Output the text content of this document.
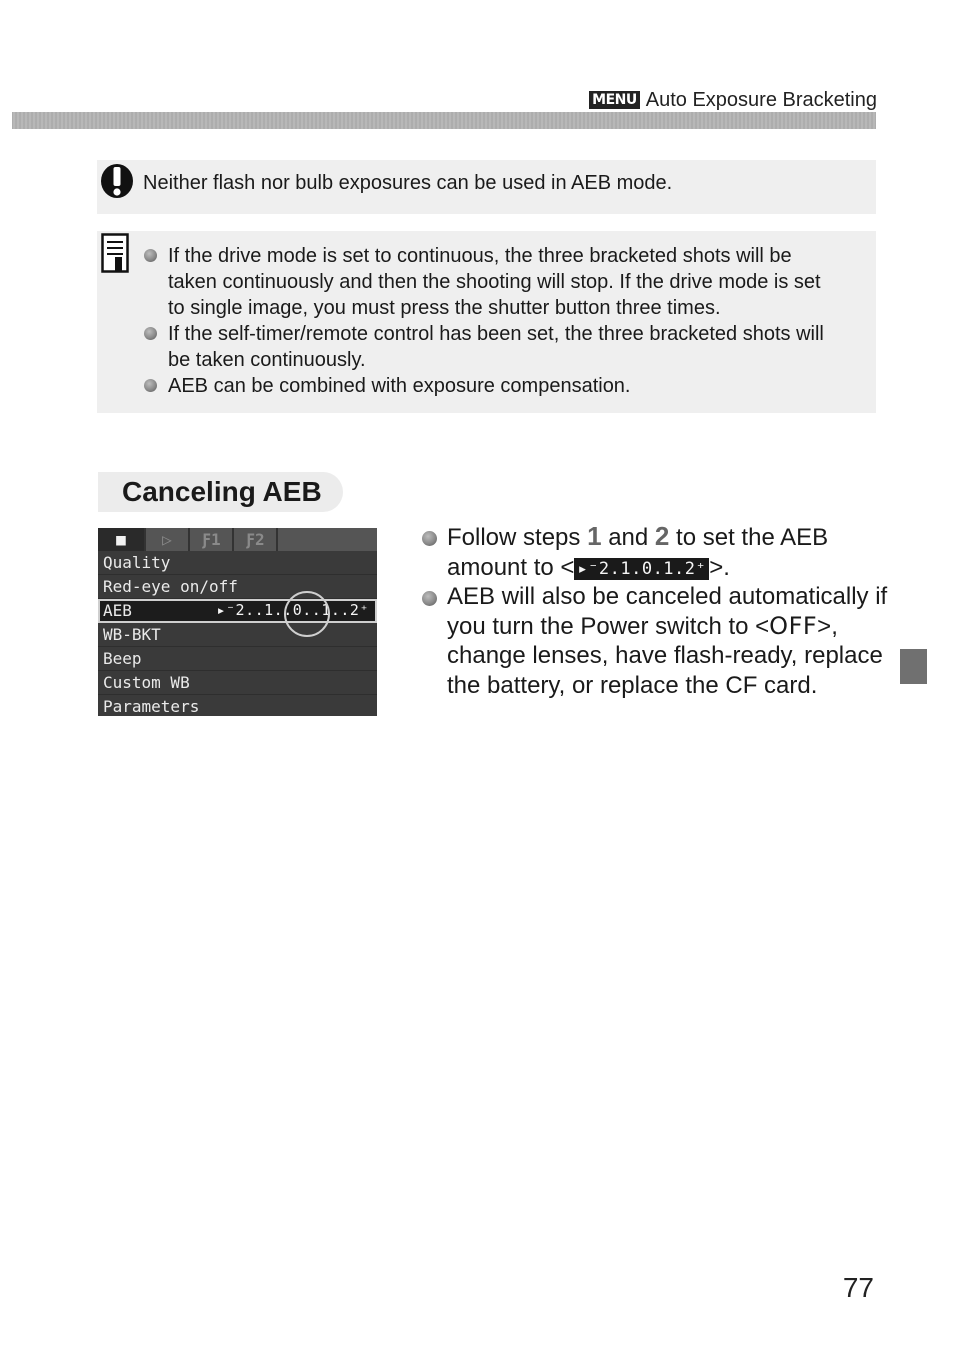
MENU Auto Exposure Bracketing
Neither flash nor bulb exposures can be used in AEB mode.
If the drive mode is set to continuous, the three bracketed shots will be taken continuously and then the shooting will stop. If the drive mode is set to single image, you must press the shutter button three times.
If the self-timer/remote control has been set, the three bracketed shots will be taken continuously.
AEB can be combined with exposure compensation.
Canceling AEB
■	▷	Ƒ1	Ƒ2
Quality
Red-eye on/off
AEB	▸⁻2..1..0..1..2⁺
WB-BKT
Beep
Custom WB
Parameters
Follow steps 1 and 2 to set the AEB amount to < ▸⁻2.1.0.1.2⁺ >.
AEB will also be canceled automatically if you turn the Power switch to <OFF>, change lenses, have flash-ready, replace the battery, or replace the CF card.
77
